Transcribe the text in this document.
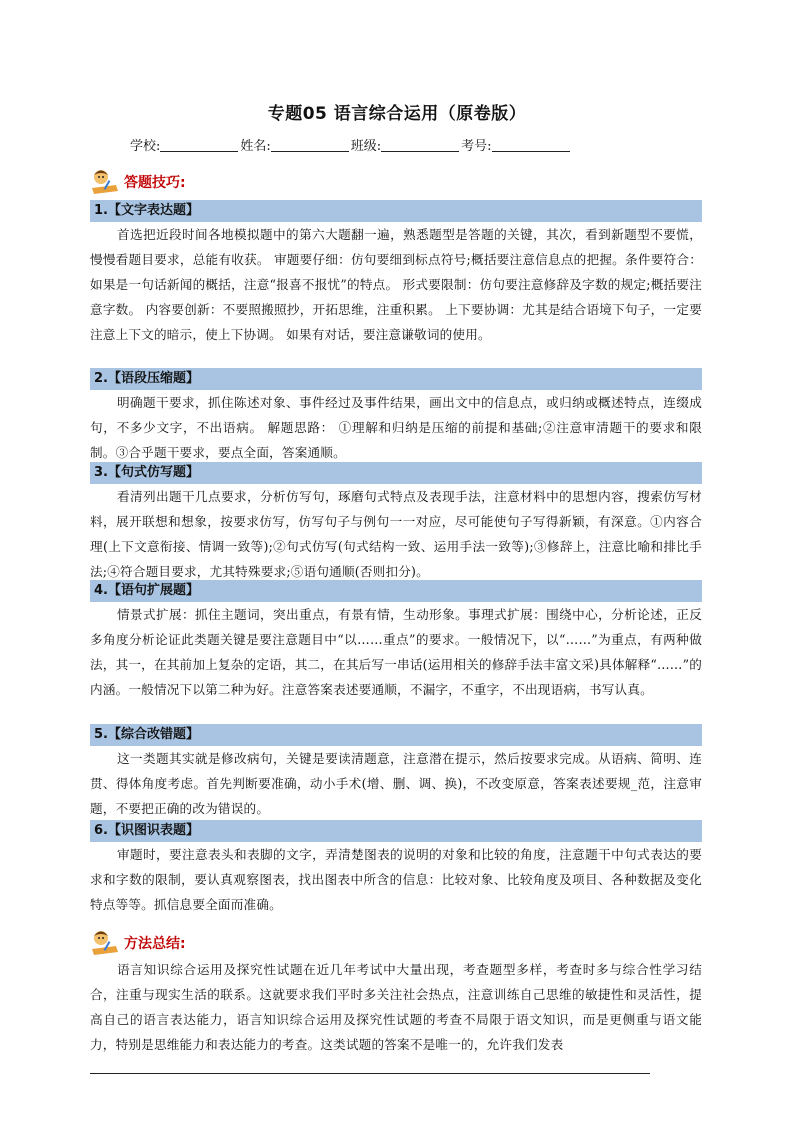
专题05 语言综合运用（原卷版）
学校:	姓名:	班级:	考号:
答题技巧:
1.【文字表达题】

首选把近段时间各地模拟题中的第六大题翻一遍，熟悉题型是答题的关键，其次，看到新题型不要慌，慢慢看题目要求，总能有收获。 审题要仔细：仿句要细到标点符号;概括要注意信息点的把握。条件要符合：如果是一句话新闻的概括，注意“报喜不报忧”的特点。 形式要限制：仿句要注意修辞及字数的规定;概括要注意字数。 内容要创新：不要照搬照抄，开拓思维，注重积累。 上下要协调：尤其是结合语境下句子，一定要注意上下文的暗示，使上下协调。 如果有对话，要注意谦敬词的使用。

2.【语段压缩题】

明确题干要求，抓住陈述对象、事件经过及事件结果，画出文中的信息点，或归纳或概述特点，连缀成句，不多少文字，不出语病。 解题思路： ①理解和归纳是压缩的前提和基础;②注意审清题干的要求和限制。③合乎题干要求，要点全面，答案通顺。

3.【句式仿写题】

看清列出题干几点要求，分析仿写句，琢磨句式特点及表现手法，注意材料中的思想内容，搜索仿写材料，展开联想和想象，按要求仿写，仿写句子与例句一一对应，尽可能使句子写得新颖，有深意。①内容合理(上下文意衔接、情调一致等);②句式仿写(句式结构一致、运用手法一致等);③修辞上，注意比喻和排比手法;④符合题目要求，尤其特殊要求;⑤语句通顺(否则扣分)。

4.【语句扩展题】

情景式扩展：抓住主题词，突出重点，有景有情，生动形象。事理式扩展：围绕中心，分析论述，正反多角度分析论证此类题关键是要注意题目中“以……重点”的要求。一般情况下，以“……”为重点，有两种做法，其一，在其前加上复杂的定语，其二，在其后写一串话(运用相关的修辞手法丰富文采)具体解释“……”的内涵。一般情况下以第二种为好。注意答案表述要通顺，不漏字，不重字，不出现语病，书写认真。

5.【综合改错题】

这一类题其实就是修改病句，关键是要读清题意，注意潜在提示，然后按要求完成。从语病、简明、连贯、得体角度考虑。首先判断要准确，动小手术(增、删、调、换)，不改变原意，答案表述要规_范，注意审题，不要把正确的改为错误的。

6.【识图识表题】

审题时，要注意表头和表脚的文字，弄清楚图表的说明的对象和比较的角度，注意题干中句式表达的要求和字数的限制，要认真观察图表，找出图表中所含的信息：比较对象、比较角度及项目、各种数据及变化特点等等。抓信息要全面而准确。

方法总结:

语言知识综合运用及探究性试题在近几年考试中大量出现，考查题型多样，考查时多与综合性学习结合，注重与现实生活的联系。这就要求我们平时多关注社会热点，注意训练自己思维的敏捷性和灵活性，提高自己的语言表达能力，语言知识综合运用及探究性试题的考查不局限于语文知识，而是更侧重与语文能力，特别是思维能力和表达能力的考查。这类试题的答案不是唯一的，允许我们发表
